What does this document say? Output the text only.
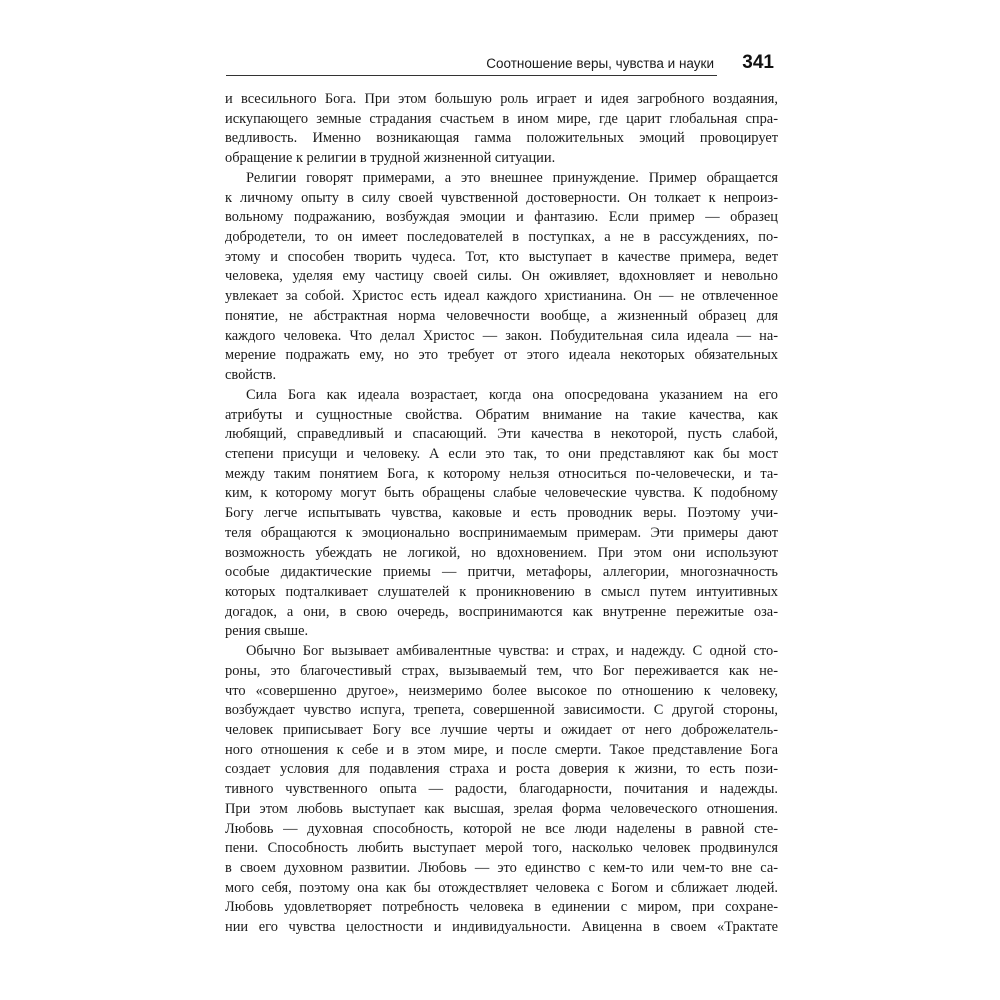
Соотношение веры, чувства и науки 341
и всесильного Бога. При этом большую роль играет и идея загробного воздаяния,
искупающего земные страдания счастьем в ином мире, где царит глобальная спра-
ведливость. Именно возникающая гамма положительных эмоций провоцирует
обращение к религии в трудной жизненной ситуации.
Религии говорят примерами, а это внешнее принуждение. Пример обращается
к личному опыту в силу своей чувственной достоверности. Он толкает к непроиз-
вольному подражанию, возбуждая эмоции и фантазию. Если пример — образец
добродетели, то он имеет последователей в поступках, а не в рассуждениях, по-
этому и способен творить чудеса. Тот, кто выступает в качестве примера, ведет
человека, уделяя ему частицу своей силы. Он оживляет, вдохновляет и невольно
увлекает за собой. Христос есть идеал каждого христианина. Он — не отвлеченное
понятие, не абстрактная норма человечности вообще, а жизненный образец для
каждого человека. Что делал Христос — закон. Побудительная сила идеала — на-
мерение подражать ему, но это требует от этого идеала некоторых обязательных
свойств.
Сила Бога как идеала возрастает, когда она опосредована указанием на его
атрибуты и сущностные свойства. Обратим внимание на такие качества, как
любящий, справедливый и спасающий. Эти качества в некоторой, пусть слабой,
степени присущи и человеку. А если это так, то они представляют как бы мост
между таким понятием Бога, к которому нельзя относиться по-человечески, и та-
ким, к которому могут быть обращены слабые человеческие чувства. К подобному
Богу легче испытывать чувства, каковые и есть проводник веры. Поэтому учи-
теля обращаются к эмоционально воспринимаемым примерам. Эти примеры дают
возможность убеждать не логикой, но вдохновением. При этом они используют
особые дидактические приемы — притчи, метафоры, аллегории, многозначность
которых подталкивает слушателей к проникновению в смысл путем интуитивных
догадок, а они, в свою очередь, воспринимаются как внутренне пережитые оза-
рения свыше.
Обычно Бог вызывает амбивалентные чувства: и страх, и надежду. С одной сто-
роны, это благочестивый страх, вызываемый тем, что Бог переживается как не-
что «совершенно другое», неизмеримо более высокое по отношению к человеку,
возбуждает чувство испуга, трепета, совершенной зависимости. С другой стороны,
человек приписывает Богу все лучшие черты и ожидает от него доброжелатель-
ного отношения к себе и в этом мире, и после смерти. Такое представление Бога
создает условия для подавления страха и роста доверия к жизни, то есть пози-
тивного чувственного опыта — радости, благодарности, почитания и надежды.
При этом любовь выступает как высшая, зрелая форма человеческого отношения.
Любовь — духовная способность, которой не все люди наделены в равной сте-
пени. Способность любить выступает мерой того, насколько человек продвинулся
в своем духовном развитии. Любовь — это единство с кем-то или чем-то вне са-
мого себя, поэтому она как бы отождествляет человека с Богом и сближает людей.
Любовь удовлетворяет потребность человека в единении с миром, при сохране-
нии его чувства целостности и индивидуальности. Авиценна в своем «Трактате
